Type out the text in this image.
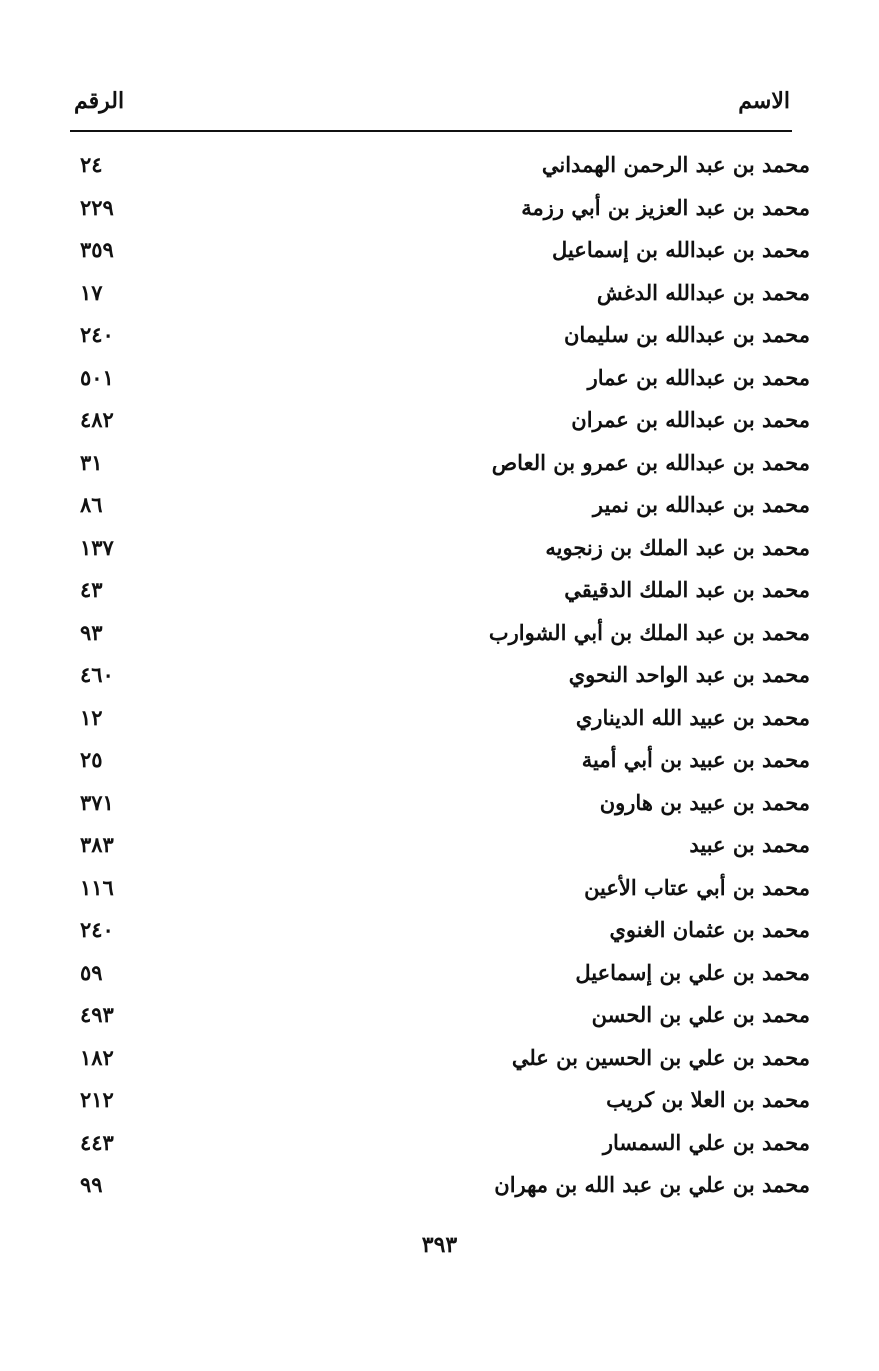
الاسم
الرقم
محمد بن عبد الرحمن الهمداني
٢٤
محمد بن عبد العزيز بن أبي رزمة
٢٢٩
محمد بن عبدالله بن إسماعيل
٣٥٩
محمد بن عبدالله الدغش
١٧
محمد بن عبدالله بن سليمان
٢٤٠
محمد بن عبدالله بن عمار
٥٠١
محمد بن عبدالله بن عمران
٤٨٢
محمد بن عبدالله بن عمرو بن العاص
٣١
محمد بن عبدالله بن نمير
٨٦
محمد بن عبد الملك بن زنجويه
١٣٧
محمد بن عبد الملك الدقيقي
٤٣
محمد بن عبد الملك بن أبي الشوارب
٩٣
محمد بن عبد الواحد النحوي
٤٦٠
محمد بن عبيد الله الديناري
١٢
محمد بن عبيد بن أبي أمية
٢٥
محمد بن عبيد بن هارون
٣٧١
محمد بن عبيد
٣٨٣
محمد بن أبي عتاب الأعين
١١٦
محمد بن عثمان الغنوي
٢٤٠
محمد بن علي بن إسماعيل
٥٩
محمد بن علي بن الحسن
٤٩٣
محمد بن علي بن الحسين بن علي
١٨٢
محمد بن العلا بن كريب
٢١٢
محمد بن علي السمسار
٤٤٣
محمد بن علي بن عبد الله بن مهران
٩٩
٣٩٣
